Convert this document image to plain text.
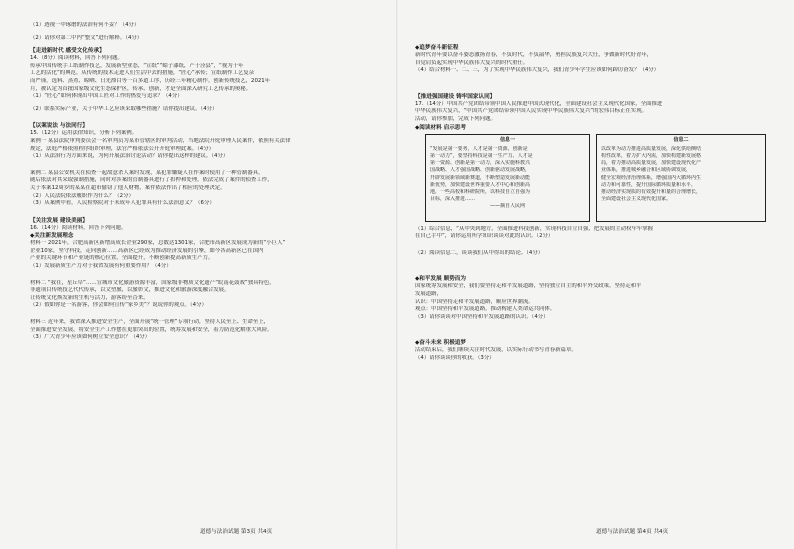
（1）透视一中琢磨的法治有何不妥？（4分）

（2）请你对第二中内“整文”进行解释。（4分）

【走进新时代 感受文化传承】

14.（8分）阅读材料，回答下列问题。

传承中国传统手工纸制作技艺，发展新型业态，“宣纸”“蛤子漆纸，产于泾县”，“视为千年

工艺的活化”的典范。从传统的技术走进人们生活中去的措施，“匠心”承传；宣纸制作工艺复杂

而严谨，选料、蒸煮、晾晒、日光漂白等一百多道工序，历经三年精心制作。创新传统技艺，2021年

月，被认定为首批国家级文化生态保护区，传承、创新，才是全面深入研究工艺传承的奥秘。

（1）“匠心”如何体现出中国工匠对工作的热爱与追求？（4分）

（2）联系实际产业，关于中华工艺应该采取哪些措施？请你提出建议。（4分）

【以案说法 与法同行】

15.（12分）运用法律知识，分析下列案例。

案例一 某县法院审判委员会一名审判员为某市管辖区的审判活动，当地法院开庭审理人民案件，依照有关法律

规定，法庭严格依照程序组织审理，法官严格依法公开开庭审理此案。（4分）

（1）从法治行为方面来说，为何开展法治讨论活动？请你提出这样的建议。（4分）

案例二 某县公安机关在侦查一起故意杀人案时发现，某犯罪嫌疑人在作案时使用了一种管制器具，

随后依法对其采取强制措施，同时对涉案的管制器具进行了扣押和处理，依法完成了案件的侦查工作，

关于本案12周岁的某某在超市偷窃了他人财物，案件依法作出了相应的处理决定。

（2）人民法院依法履职作为什么？（2分）

（3）从案例中看，人民检察院对于未成年人犯罪具有什么法治意义？（6分）

【关注发展 建设美丽】

16.（14分）阅读材料，回答下列问题。

◆关注新发展理念

材料一 2021年，合肥高新区新增高成长企业290家，总数达1301家，合肥市高新区发展成为新的“小巨人”

企业10家，坚守科技，走向创新……高新区已经成为推动经济发展的引擎，如今各高新区已在国内

产业的关键环节和产业链的核心位置，全面提升，不断创新提高新质生产力。

（1）发展新质生产力对于我省发展有何重要作用？（4分）

材料二 “我在，星丘阜”……宣城市文化旅游资源丰富，国家级非物质文化遗产“皖南花鼓戏”独具特色，

非遗项目传统技艺代代传承，以文塑旅，以旅彰文，推进文化和旅游深度融合发展，

让传统文化焕发新的生机与活力，游客纷至沓来。

（2）假如你是一名游客，你会如何宣传“家乡美”？说说你的观点。（4分）

材料三 近年来，我省深入推进安全生产，全面开展“统一管理”专项行动，坚持人民至上、生命至上，

全面推进安全发展，将安全生产工作摆在更加突出的位置，统筹发展和安全，着力防范化解重大风险。

（3）广大青少年应该如何树立安全意识？（4分）

◆追梦奋斗新征程

新时代青年要以奋斗姿态激扬青春，不负时代，不负韶华，勇担民族复兴大任，争做新时代好青年，

自觉肩负起实现中华民族伟大复兴的时代重任。

（4）结合材料一、二、三，为了实现中华民族伟大复兴，我们青少年学生应该如何踔厉奋发？（4分）

【推进强国建设 铸牢国家认同】

17.（14分）中国共产党团结带领中国人民推进中国式现代化，全面建设社会主义现代化国家，全面推进

中华民族伟大复兴，“中国共产党团结带领中国人民实现中华民族伟大复兴”的宏伟目标正在实现。

活动，请你参加，完成下列问题。

◆阅读材料 启示思考

信息一
“发展是第一要务，人才是第一资源，创新是
第一动力”，要坚持科技是第一生产力、人才是
第一资源、创新是第一动力，深入实施科教兴
国战略、人才强国战略、创新驱动发展战略，
开辟发展新领域新赛道，不断塑造发展新动能
新优势，加快建设世界重要人才中心和创新高
地，一些高校和科研院所，以科技自立自强为
目标，深入推进……
——摘自人民网
信息二
以改革为动力推进高质量发展，深化供给侧结
构性改革，着力扩大内需，加快构建新发展格
局，着力推动高质量发展，加快建设现代化产
业体系，推进城乡融合和区域协调发展，
健全宏观经济治理体系，增强国内大循环内生
动力和可靠性，提升国际循环质量和水平，
推动经济实现质的有效提升和量的合理增长，
全面建设社会主义现代化国家。

（1）综合信息，“从中央到地方，全面推进科技创新，实现科技自立自强，把发展的主动权牢牢掌握

在自己手中”，请你运用所学知识谈谈对此的认识。（2分）

（2）阅读信息二，谈谈我们从中得出的结论。（4分）

◆和平发展 顺势而为

国家统筹发展和安全，我们要坚持走和平发展道路，坚持独立自主的和平外交政策，坚持走和平

发展道路，

认识：中国坚持走和平发展道路，顺应世界潮流。

观点：中国坚持和平发展道路，推动构建人类命运共同体。

（3）请你谈谈对中国坚持和平发展道路的认识。（4分）

◆奋斗未来 积极追梦

活动结束后，我们继续关注时代发展，以实际行动书写青春新篇章。

（4）请你谈谈你的收获。（3分）

道德与法治试题 第3页 共4页	道德与法治试题 第4页 共4页
